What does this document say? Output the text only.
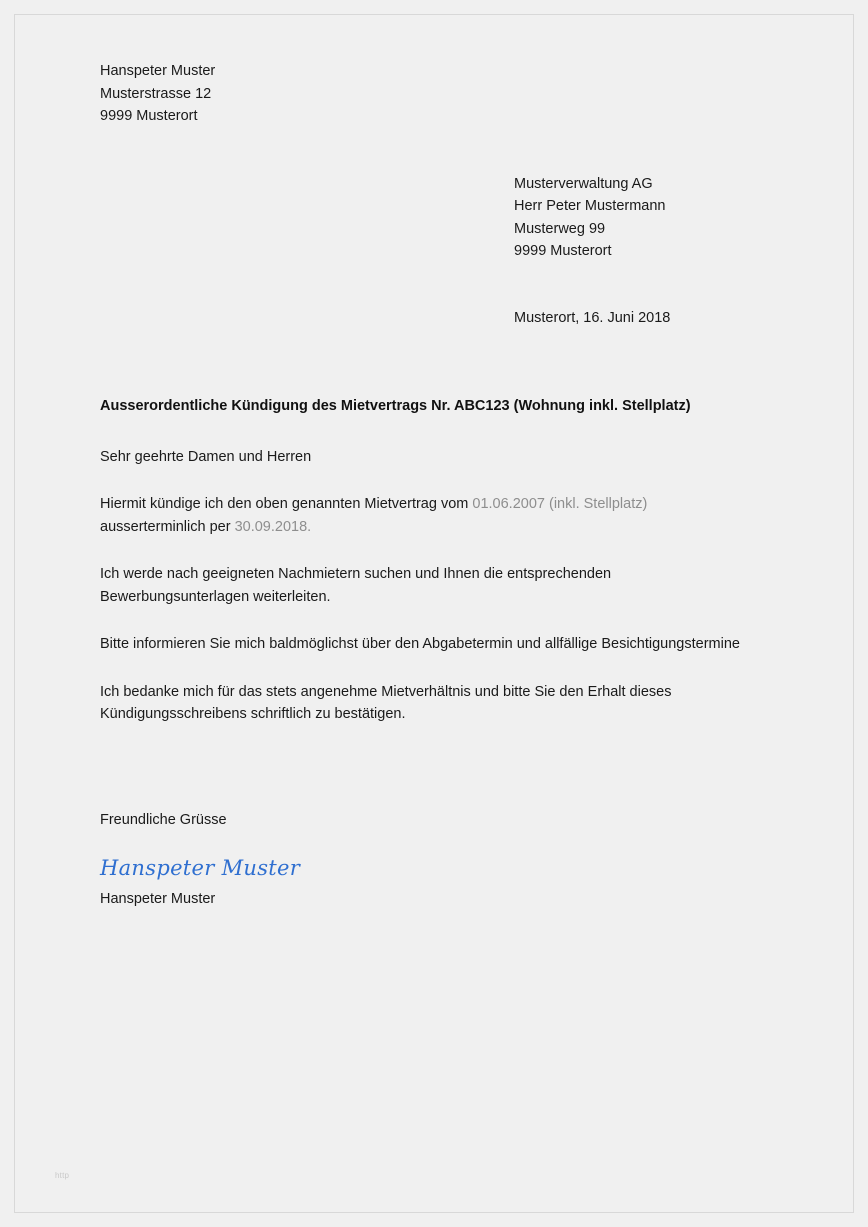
Hanspeter Muster
Musterstrasse 12
9999 Musterort
Musterverwaltung AG
Herr Peter Mustermann
Musterweg 99
9999 Musterort
Musterort, 16. Juni 2018
Ausserordentliche Kündigung des Mietvertrags Nr. ABC123 (Wohnung inkl. Stellplatz)
Sehr geehrte Damen und Herren
Hiermit kündige ich den oben genannten Mietvertrag vom 01.06.2007 (inkl. Stellplatz) ausserterminlich per 30.09.2018.
Ich werde nach geeigneten Nachmietern suchen und Ihnen die entsprechenden Bewerbungsunterlagen weiterleiten.
Bitte informieren Sie mich baldmöglichst über den Abgabetermin und allfällige Besichtigungstermine
Ich bedanke mich für das stets angenehme Mietverhältnis und bitte Sie den Erhalt dieses Kündigungsschreibens schriftlich zu bestätigen.
Freundliche Grüsse
Hanspeter Muster
Hanspeter Muster
http
